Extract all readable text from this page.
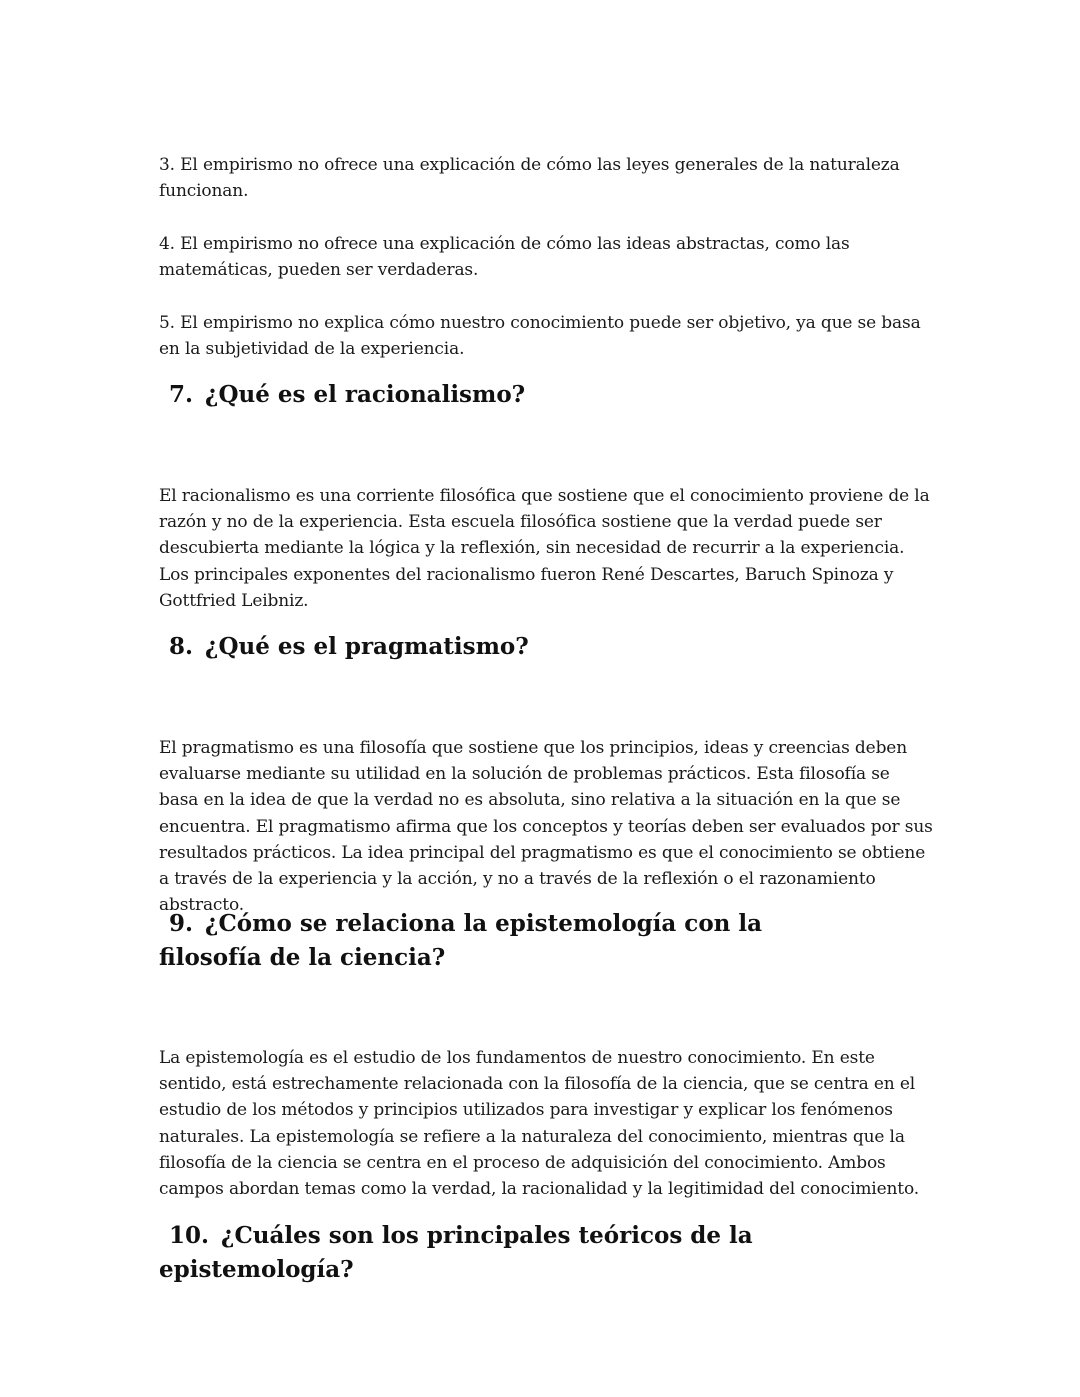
3. El empirismo no ofrece una explicación de cómo las leyes generales de la naturaleza funcionan.

4. El empirismo no ofrece una explicación de cómo las ideas abstractas, como las matemáticas, pueden ser verdaderas.

5. El empirismo no explica cómo nuestro conocimiento puede ser objetivo, ya que se basa en la subjetividad de la experiencia.

7. ¿Qué es el racionalismo?

El racionalismo es una corriente filosófica que sostiene que el conocimiento proviene de la razón y no de la experiencia. Esta escuela filosófica sostiene que la verdad puede ser descubierta mediante la lógica y la reflexión, sin necesidad de recurrir a la experiencia. Los principales exponentes del racionalismo fueron René Descartes, Baruch Spinoza y Gottfried Leibniz.

8. ¿Qué es el pragmatismo?

El pragmatismo es una filosofía que sostiene que los principios, ideas y creencias deben evaluarse mediante su utilidad en la solución de problemas prácticos. Esta filosofía se basa en la idea de que la verdad no es absoluta, sino relativa a la situación en la que se encuentra. El pragmatismo afirma que los conceptos y teorías deben ser evaluados por sus resultados prácticos. La idea principal del pragmatismo es que el conocimiento se obtiene a través de la experiencia y la acción, y no a través de la reflexión o el razonamiento abstracto.

9. ¿Cómo se relaciona la epistemología con la filosofía de la ciencia?

La epistemología es el estudio de los fundamentos de nuestro conocimiento. En este sentido, está estrechamente relacionada con la filosofía de la ciencia, que se centra en el estudio de los métodos y principios utilizados para investigar y explicar los fenómenos naturales. La epistemología se refiere a la naturaleza del conocimiento, mientras que la filosofía de la ciencia se centra en el proceso de adquisición del conocimiento. Ambos campos abordan temas como la verdad, la racionalidad y la legitimidad del conocimiento.

10. ¿Cuáles son los principales teóricos de la epistemología?
